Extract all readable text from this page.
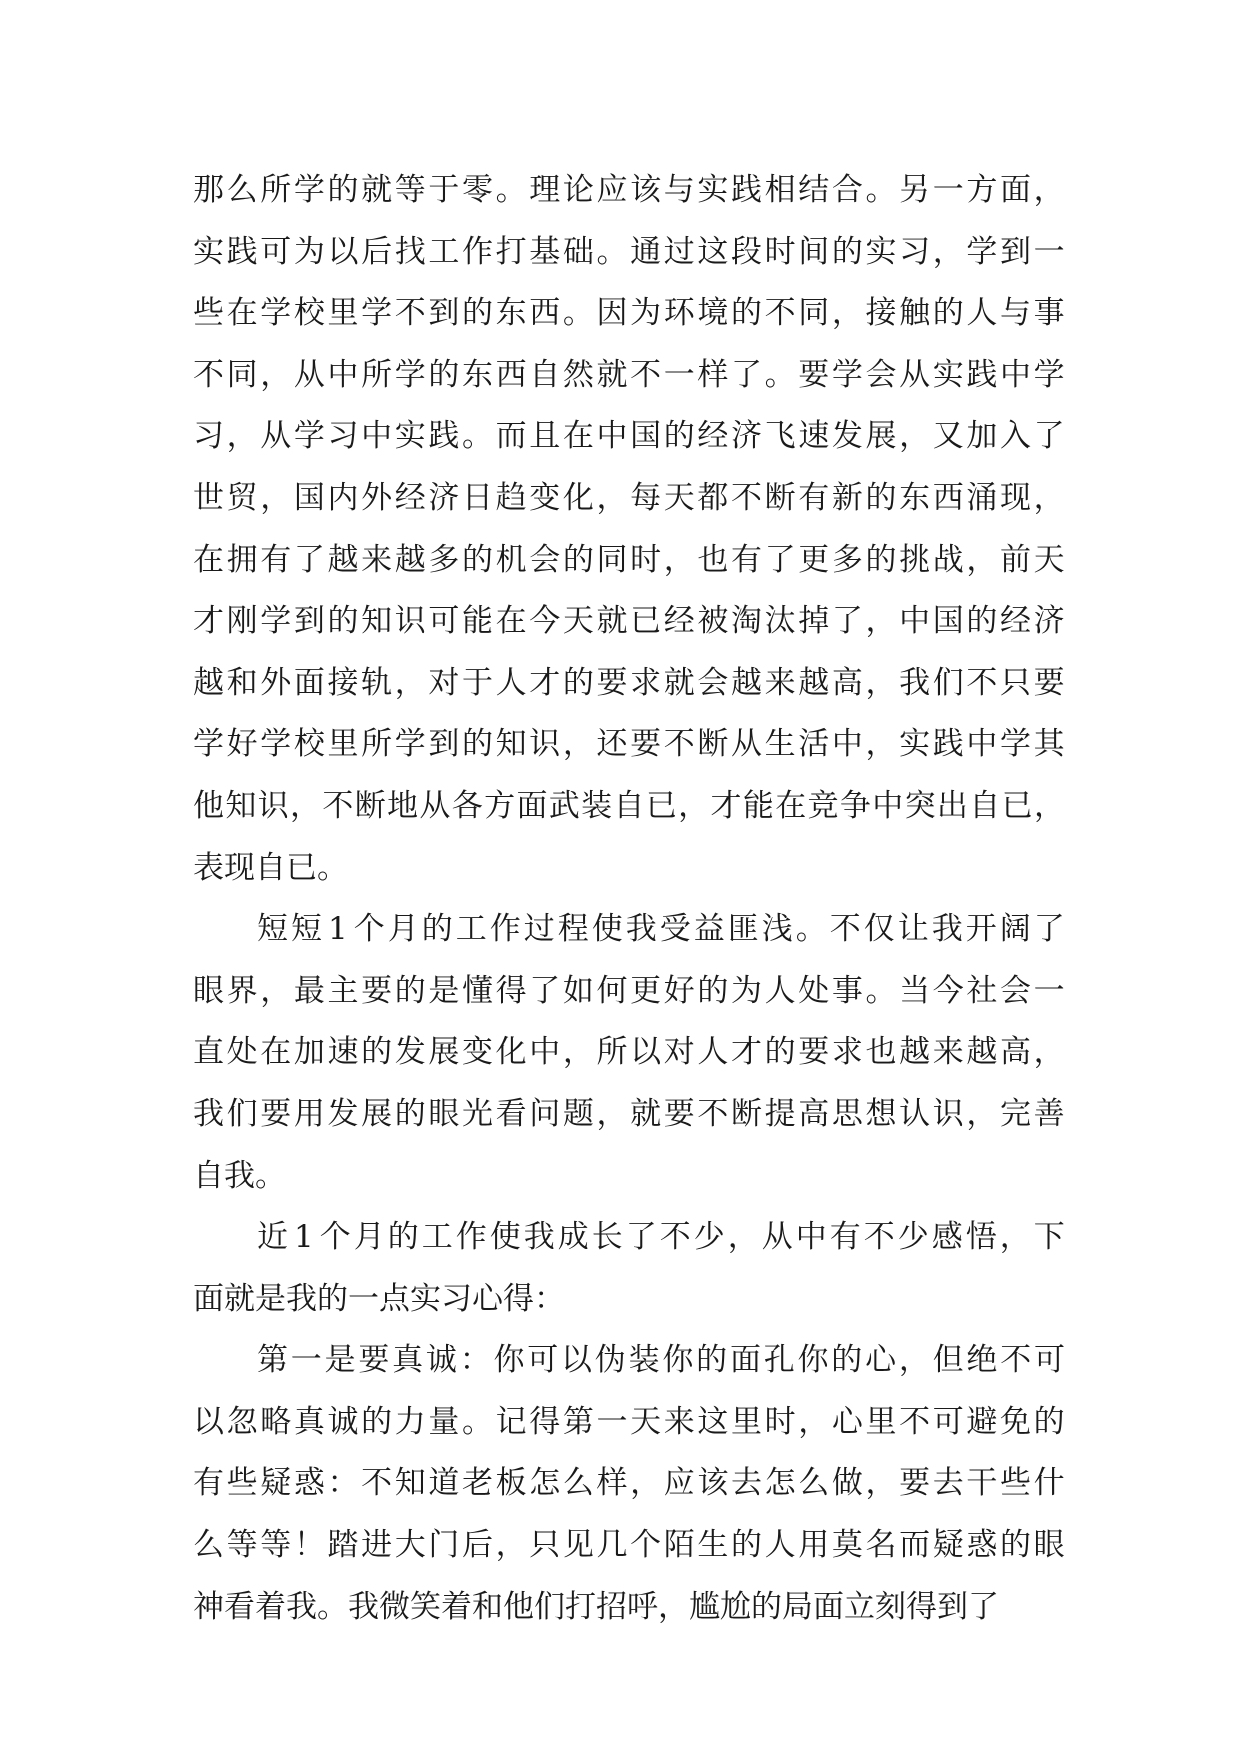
那 么 所 学 的 就 等 于 零 。 理 论 应 该 与 实 践 相 结 合 。 另 一 方 面 ，
实 践 可 为 以 后 找 工 作 打 基 础 。 通 过 这 段 时 间 的 实 习 ， 学 到 一
些 在 学 校 里 学 不 到 的 东 西 。 因 为 环 境 的 不 同 ， 接 触 的 人 与 事
不 同 ， 从 中 所 学 的 东 西 自 然 就 不 一 样 了 。 要 学 会 从 实 践 中 学
习 ， 从 学 习 中 实 践 。 而 且 在 中 国 的 经 济 飞 速 发 展 ， 又 加 入 了
世 贸 ， 国 内 外 经 济 日 趋 变 化 ， 每 天 都 不 断 有 新 的 东 西 涌 现 ，
在 拥 有 了 越 来 越 多 的 机 会 的 同 时 ， 也 有 了 更 多 的 挑 战 ， 前 天
才 刚 学 到 的 知 识 可 能 在 今 天 就 已 经 被 淘 汰 掉 了 ， 中 国 的 经 济
越 和 外 面 接 轨 ， 对 于 人 才 的 要 求 就 会 越 来 越 高 ， 我 们 不 只 要
学 好 学 校 里 所 学 到 的 知 识 ， 还 要 不 断 从 生 活 中 ， 实 践 中 学 其
他 知 识 ， 不 断 地 从 各 方 面 武 装 自 已 ， 才 能 在 竞 争 中 突 出 自 已 ，
表现自已。
短 短 1 个 月 的 工 作 过 程 使 我 受 益 匪 浅 。 不 仅 让 我 开 阔 了
眼 界 ， 最 主 要 的 是 懂 得 了 如 何 更 好 的 为 人 处 事 。 当 今 社 会 一
直 处 在 加 速 的 发 展 变 化 中 ， 所 以 对 人 才 的 要 求 也 越 来 越 高 ，
我 们 要 用 发 展 的 眼 光 看 问 题 ， 就 要 不 断 提 高 思 想 认 识 ， 完 善
自我。
近 1 个 月 的 工 作 使 我 成 长 了 不 少 ， 从 中 有 不 少 感 悟 ， 下
面就是我的一点实习心得：
第 一 是 要 真 诚 ： 你 可 以 伪 装 你 的 面 孔 你 的 心 ， 但 绝 不 可
以 忽 略 真 诚 的 力 量 。 记 得 第 一 天 来 这 里 时 ， 心 里 不 可 避 免 的
有 些 疑 惑 ： 不 知 道 老 板 怎 么 样 ， 应 该 去 怎 么 做 ， 要 去 干 些 什
么 等 等 ！ 踏 进 大 门 后 ， 只 见 几 个 陌 生 的 人 用 莫 名 而 疑 惑 的 眼
神看着我。我微笑着和他们打招呼，尴尬的局面立刻得到了
